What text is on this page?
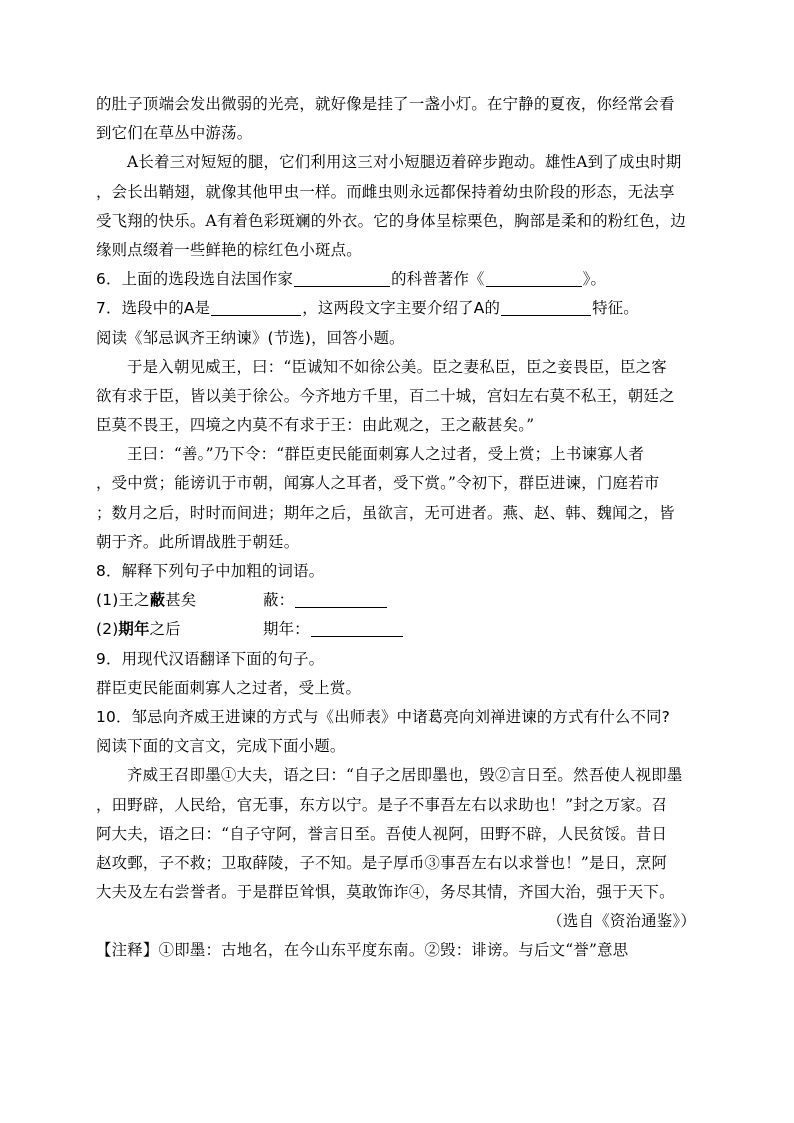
的肚子顶端会发出微弱的光亮，就好像是挂了一盏小灯。在宁静的夏夜，你经常会看
到它们在草丛中游荡。
A长着三对短短的腿，它们利用这三对小短腿迈着碎步跑动。雄性A到了成虫时期
，会长出鞘翅，就像其他甲虫一样。而雌虫则永远都保持着幼虫阶段的形态，无法享
受飞翔的快乐。A有着色彩斑斓的外衣。它的身体呈棕栗色，胸部是柔和的粉红色，边
缘则点缀着一些鲜艳的棕红色小斑点。
6．上面的选段选自法国作家	的科普著作《	》。
7．选段中的A是	，这两段文字主要介绍了A的	特征。
阅读《邹忌讽齐王纳谏》(节选)，回答小题。
于是入朝见威王，曰：“臣诚知不如徐公美。臣之妻私臣，臣之妾畏臣，臣之客
欲有求于臣，皆以美于徐公。今齐地方千里，百二十城，宫妇左右莫不私王，朝廷之
臣莫不畏王，四境之内莫不有求于王：由此观之，王之蔽甚矣。”
王曰：“善。”乃下令：“群臣吏民能面刺寡人之过者，受上赏；上书谏寡人者
，受中赏；能谤讥于市朝，闻寡人之耳者，受下赏。”令初下，群臣进谏，门庭若市
；数月之后，时时而间进；期年之后，虽欲言，无可进者。燕、赵、韩、魏闻之，皆
朝于齐。此所谓战胜于朝廷。
8．解释下列句子中加粗的词语。
(1)王之蔽甚矣	蔽：
(2)期年之后	期年：
9．用现代汉语翻译下面的句子。
群臣吏民能面刺寡人之过者，受上赏。
10．邹忌向齐威王进谏的方式与《出师表》中诸葛亮向刘禅进谏的方式有什么不同?
阅读下面的文言文，完成下面小题。
齐威王召即墨①大夫，语之曰：“自子之居即墨也，毁②言日至。然吾使人视即墨
，田野辟，人民给，官无事，东方以宁。是子不事吾左右以求助也！”封之万家。召
阿大夫，语之曰：“自子守阿，誉言日至。吾使人视阿，田野不辟，人民贫馁。昔日
赵攻鄄，子不救；卫取薛陵，子不知。是子厚币③事吾左右以求誉也！”是日，烹阿
大夫及左右尝誉者。于是群臣耸惧，莫敢饰诈④，务尽其情，齐国大治，强于天下。
（选自《资治通鉴》）
【注释】①即墨：古地名，在今山东平度东南。②毁：诽谤。与后文“誉”意思
